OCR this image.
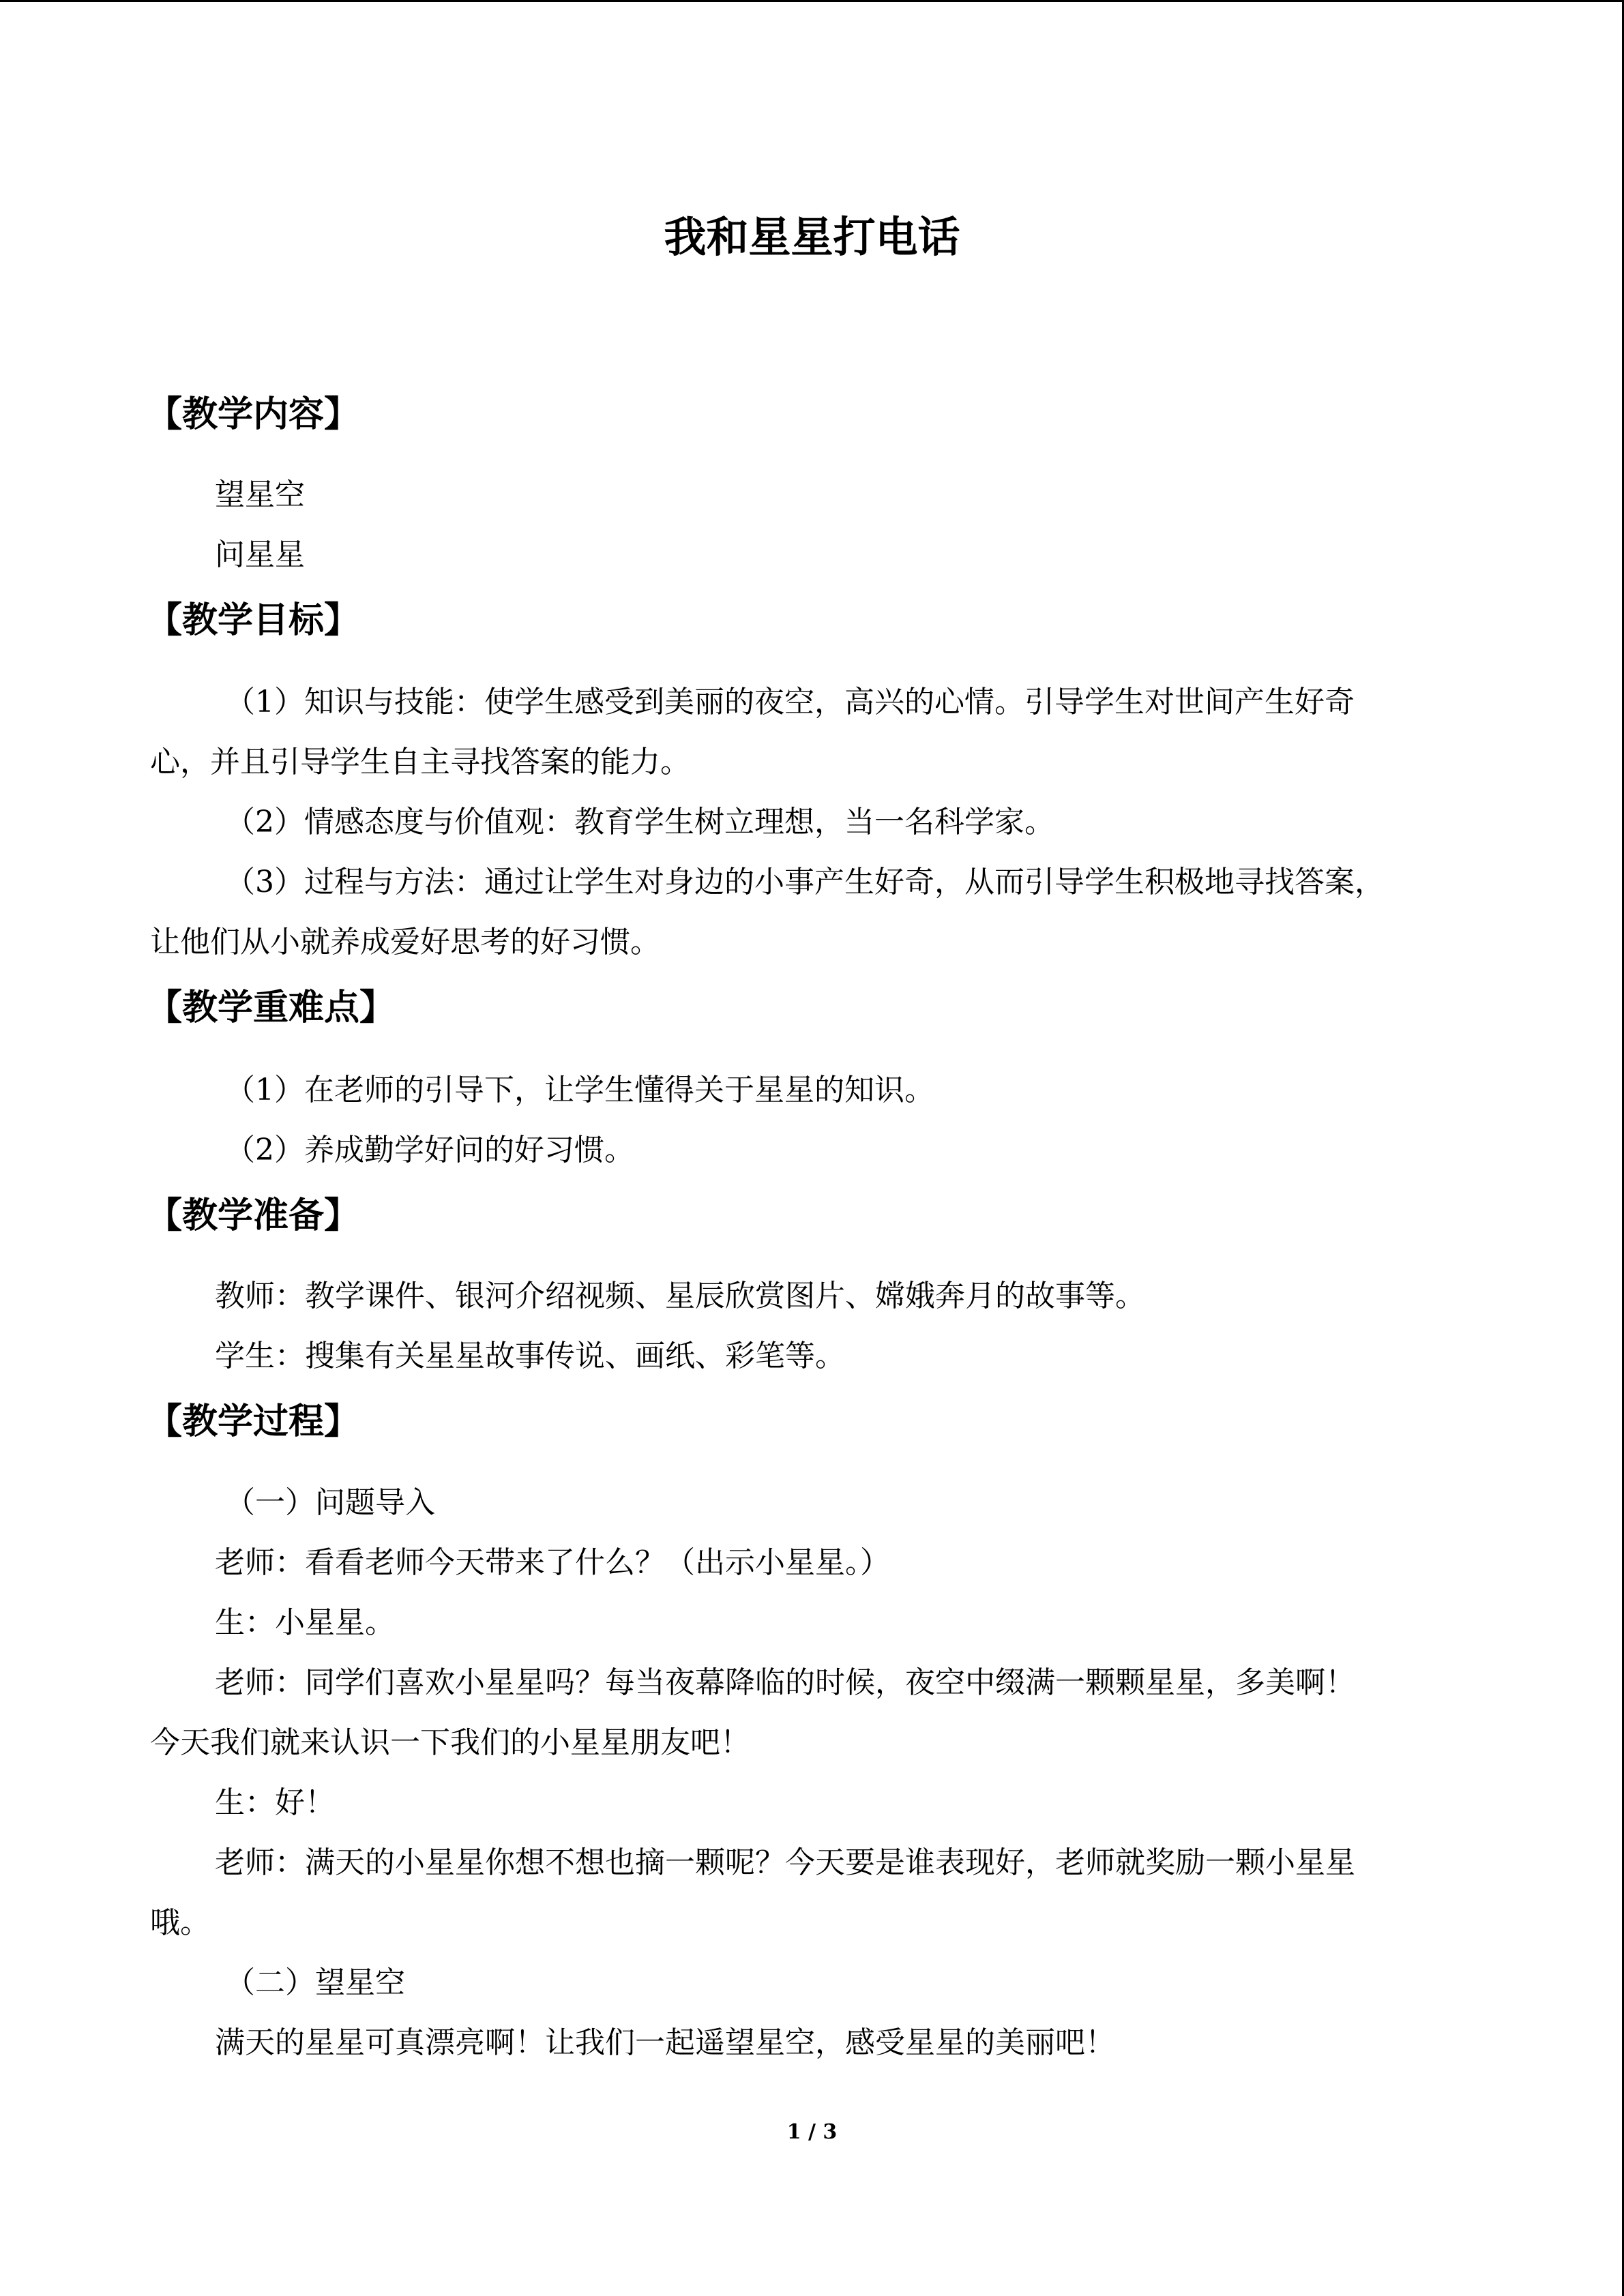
我和星星打电话
【教学内容】

望星空

问星星

【教学目标】

（1）知识与技能：使学生感受到美丽的夜空，高兴的心情。引导学生对世间产生好奇

心，并且引导学生自主寻找答案的能力。

（2）情感态度与价值观：教育学生树立理想，当一名科学家。

（3）过程与方法：通过让学生对身边的小事产生好奇，从而引导学生积极地寻找答案，

让他们从小就养成爱好思考的好习惯。

【教学重难点】

（1）在老师的引导下，让学生懂得关于星星的知识。

（2）养成勤学好问的好习惯。

【教学准备】

教师：教学课件、银河介绍视频、星辰欣赏图片、嫦娥奔月的故事等。

学生：搜集有关星星故事传说、画纸、彩笔等。

【教学过程】

（一）问题导入

老师：看看老师今天带来了什么？（出示小星星。）

生：小星星。

老师：同学们喜欢小星星吗？每当夜幕降临的时候，夜空中缀满一颗颗星星，多美啊！

今天我们就来认识一下我们的小星星朋友吧！

生：好！

老师：满天的小星星你想不想也摘一颗呢？今天要是谁表现好，老师就奖励一颗小星星

哦。

（二）望星空

满天的星星可真漂亮啊！让我们一起遥望星空，感受星星的美丽吧！

1 / 3
